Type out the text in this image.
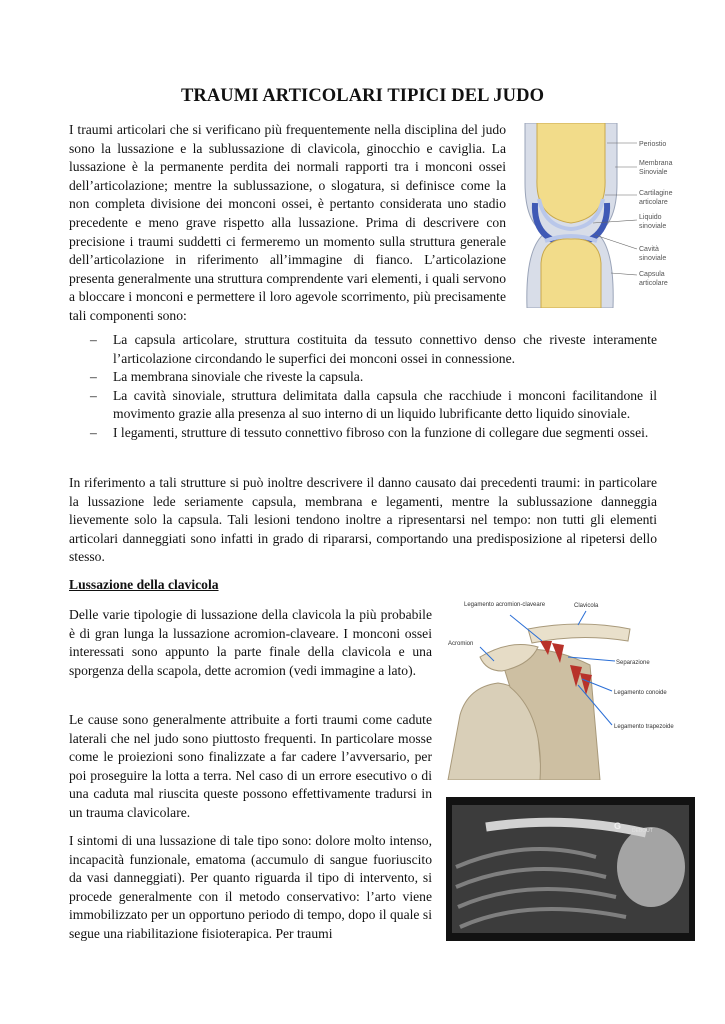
TRAUMI ARTICOLARI TIPICI DEL JUDO

I traumi articolari che si verificano più frequentemente nella disciplina del judo sono la lussazione e la sublussazione di clavicola, ginocchio e caviglia. La lussazione è la permanente perdita dei normali rapporti tra i monconi ossei dell’articolazione; mentre la sublussazione, o slogatura, si definisce come la non completa divisione dei monconi ossei, è pertanto considerata uno stadio precedente e meno grave rispetto alla lussazione. Prima di descrivere con precisione i traumi suddetti ci fermeremo un momento sulla struttura generale dell’articolazione in riferimento all’immagine di fianco. L’articolazione presenta generalmente una struttura comprendente vari elementi, i quali servono a bloccare i monconi e permettere il loro agevole scorrimento, più precisamente tali componenti sono:

Periostio
Membrana
Sinoviale
Cartilagine
articolare
Liquido
sinoviale
Cavità
sinoviale
Capsula
articolare
– La capsula articolare, struttura costituita da tessuto connettivo denso che riveste interamente l’articolazione circondando le superfici dei monconi ossei in connessione.
– La membrana sinoviale che riveste la capsula.
– La cavità sinoviale, struttura delimitata dalla capsula che racchiude i monconi facilitandone il movimento grazie alla presenza al suo interno di un liquido lubrificante detto liquido sinoviale.
– I legamenti, strutture di tessuto connettivo fibroso con la funzione di collegare due segmenti ossei.

In riferimento a tali strutture si può inoltre descrivere il danno causato dai precedenti traumi: in particolare la lussazione lede seriamente capsula, membrana e legamenti, mentre la sublussazione danneggia lievemente solo la capsula. Tali lesioni tendono inoltre a ripresentarsi nel tempo: non tutti gli elementi articolari danneggiati sono infatti in grado di ripararsi, comportando una predisposizione al ripetersi dello stesso.

Lussazione della clavicola

Delle varie tipologie di lussazione della clavicola la più probabile è di gran lunga la lussazione acromion-claveare. I monconi ossei interessati sono appunto la parte finale della clavicola e una sporgenza della scapola, dette acromion (vedi immagine a lato).

Legamento acromion-claveare	Clavicola
Acromion
Separazione
Legamento conoide
Legamento trapezoide

Le cause sono generalmente attribuite a forti traumi come cadute laterali che nel judo sono piuttosto frequenti. In particolare mosse come le proiezioni sono finalizzate a far cadere l’avversario, per poi proseguire la lotta a terra. Nel caso di un errore esecutivo o di una caduta mal riuscita queste possono effettivamente tradursi in un trauma clavicolare.

G DEBOUT

I sintomi di una lussazione di tale tipo sono: dolore molto intenso, incapacità funzionale, ematoma (accumulo di sangue fuoriuscito da vasi danneggiati). Per quanto riguarda il tipo di intervento, si procede generalmente con il metodo conservativo: l’arto viene immobilizzato per un opportuno periodo di tempo, dopo il quale si segue una riabilitazione fisioterapica. Per traumi
